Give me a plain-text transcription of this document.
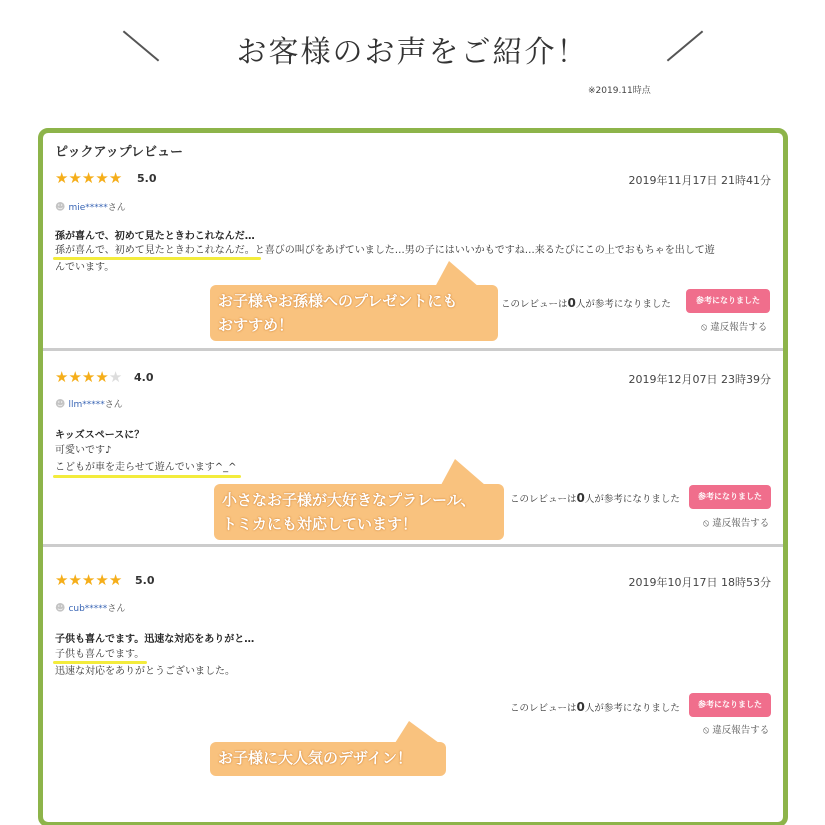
お客様のお声をご紹介！
※2019.11時点
ピックアップレビュー
★★★★★ 5.0	2019年11月17日 21時41分
☻ mie*****さん
孫が喜んで、初めて見たときわこれなんだ…
孫が喜んで、初めて見たときわこれなんだ。と喜びの叫びをあげていました…男の子にはいいかもですね…来るたびにこの上でおもちゃを出して遊
んでいます。
お子様やお孫様へのプレゼントにも
おすすめ！
このレビューは0人が参考になりました	参考になりました
⦸ 違反報告する
★★★★★ 4.0	2019年12月07日 23時39分
☻ llm*****さん
キッズスペースに？
可愛いです♪
こどもが車を走らせて遊んでいます^_^
小さなお子様が大好きなプラレール、
トミカにも対応しています！
このレビューは0人が参考になりました	参考になりました
⦸ 違反報告する
★★★★★ 5.0	2019年10月17日 18時53分
☻ cub*****さん
子供も喜んでます。迅速な対応をありがと…
子供も喜んでます。
迅速な対応をありがとうございました。
このレビューは0人が参考になりました	参考になりました
⦸ 違反報告する
お子様に大人気のデザイン！
